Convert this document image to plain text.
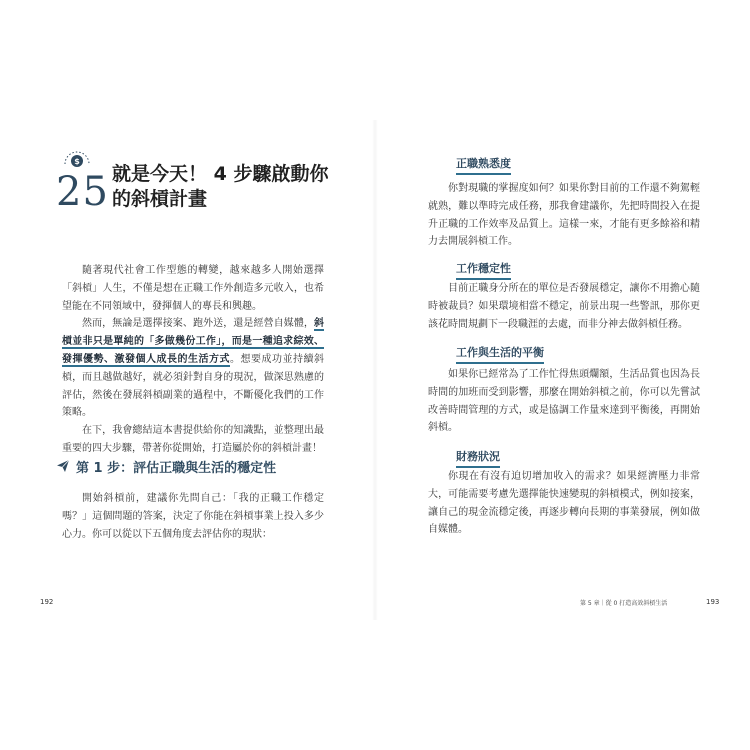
$
25 就是今天！ 4 步驟啟動你的斜槓計畫

隨著現代社會工作型態的轉變，越來越多人開始選擇「斜槓」人生，不僅是想在正職工作外創造多元收入，也希望能在不同領域中，發揮個人的專長和興趣。

然而，無論是選擇接案、跑外送，還是經營自媒體，斜槓並非只是單純的「多做幾份工作」，而是一種追求綜效、發揮優勢、激發個人成長的生活方式。想要成功並持續斜槓，而且越做越好，就必須針對自身的現況，做深思熟慮的評估，然後在發展斜槓副業的過程中，不斷優化我們的工作策略。

在下，我會總結這本書提供給你的知識點，並整理出最重要的四大步驟，帶著你從開始，打造屬於你的斜槓計畫！

第 1 步：評估正職與生活的穩定性

開始斜槓前，建議你先問自己：「我的正職工作穩定嗎？」這個問題的答案，決定了你能在斜槓事業上投入多少心力。你可以從以下五個角度去評估你的現狀：

192
正職熟悉度

你對現職的掌握度如何？如果你對目前的工作還不夠駕輕就熟，難以準時完成任務，那我會建議你，先把時間投入在提升正職的工作效率及品質上。這樣一來，才能有更多餘裕和精力去開展斜槓工作。

工作穩定性

目前正職身分所在的單位是否發展穩定，讓你不用擔心隨時被裁員？如果環境相當不穩定，前景出現一些警訊，那你更該花時間規劃下一段職涯的去處，而非分神去做斜槓任務。

工作與生活的平衡

如果你已經常為了工作忙得焦頭爛額，生活品質也因為長時間的加班而受到影響，那麼在開始斜槓之前，你可以先嘗試改善時間管理的方式，或是協調工作量來達到平衡後，再開始斜槓。

財務狀況

你現在有沒有迫切增加收入的需求？如果經濟壓力非常大，可能需要考慮先選擇能快速變現的斜槓模式，例如接案，讓自己的現金流穩定後，再逐步轉向長期的事業發展，例如做自媒體。

第 5 章｜從 0 打造高效斜槓生活	193
